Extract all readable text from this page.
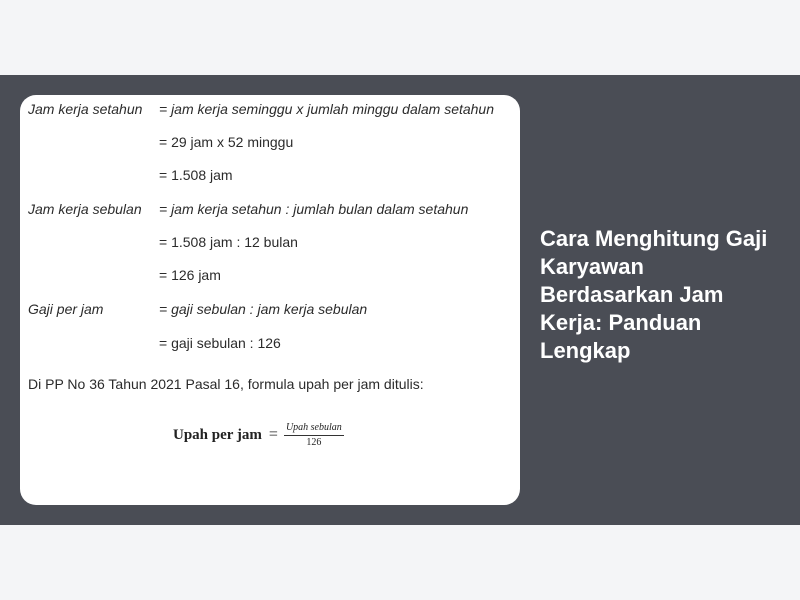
Jam kerja setahun = jam kerja seminggu x jumlah minggu dalam setahun
= 29 jam x 52 minggu
= 1.508 jam
Jam kerja sebulan = jam kerja setahun : jumlah bulan dalam setahun
= 1.508 jam : 12 bulan
= 126 jam
Gaji per jam	= gaji sebulan : jam kerja sebulan
= gaji sebulan : 126
Di PP No 36 Tahun 2021 Pasal 16, formula upah per jam ditulis:
Upah per jam = $\frac{\text{Upah sebulan}}{126}$
Cara Menghitung Gaji Karyawan Berdasarkan Jam Kerja: Panduan Lengkap
